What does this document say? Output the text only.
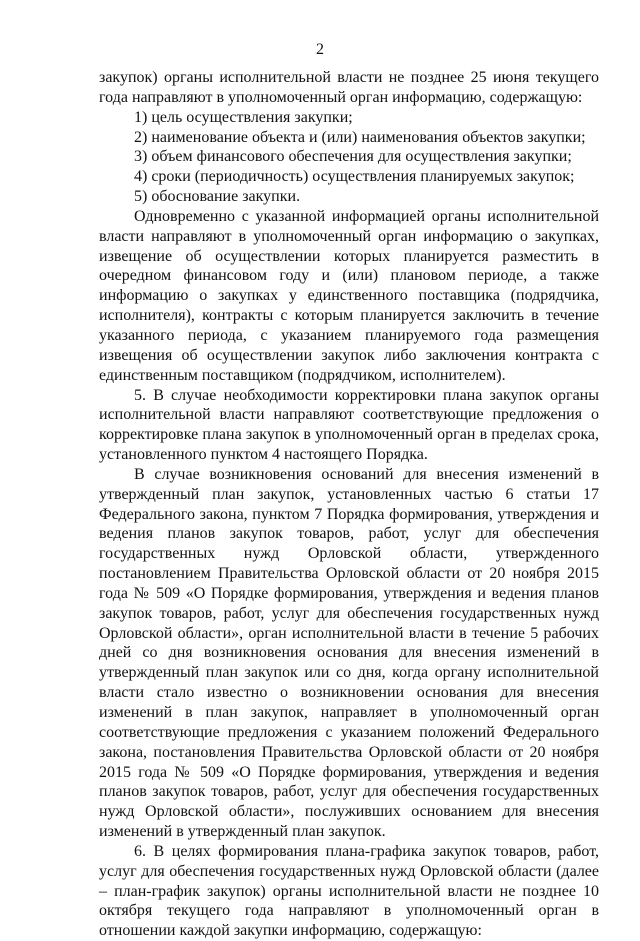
2

закупок) органы исполнительной власти не позднее 25 июня текущего года направляют в уполномоченный орган информацию, содержащую:

1) цель осуществления закупки;

2) наименование объекта и (или) наименования объектов закупки;

3) объем финансового обеспечения для осуществления закупки;

4) сроки (периодичность) осуществления планируемых закупок;

5) обоснование закупки.

Одновременно с указанной информацией органы исполнительной власти направляют в уполномоченный орган информацию о закупках, извещение об осуществлении которых планируется разместить в очередном финансовом году и (или) плановом периоде, а также информацию о закупках у единственного поставщика (подрядчика, исполнителя), контракты с которым планируется заключить в течение указанного периода, с указанием планируемого года размещения извещения об осуществлении закупок либо заключения контракта с единственным поставщиком (подрядчиком, исполнителем).

5. В случае необходимости корректировки плана закупок органы исполнительной власти направляют соответствующие предложения о корректировке плана закупок в уполномоченный орган в пределах срока, установленного пунктом 4 настоящего Порядка.

В случае возникновения оснований для внесения изменений в утвержденный план закупок, установленных частью 6 статьи 17 Федерального закона, пунктом 7 Порядка формирования, утверждения и ведения планов закупок товаров, работ, услуг для обеспечения государственных нужд Орловской области, утвержденного постановлением Правительства Орловской области от 20 ноября 2015 года № 509 «О Порядке формирования, утверждения и ведения планов закупок товаров, работ, услуг для обеспечения государственных нужд Орловской области», орган исполнительной власти в течение 5 рабочих дней со дня возникновения основания для внесения изменений в утвержденный план закупок или со дня, когда органу исполнительной власти стало известно о возникновении основания для внесения изменений в план закупок, направляет в уполномоченный орган соответствующие предложения с указанием положений Федерального закона, постановления Правительства Орловской области от 20 ноября 2015 года № 509 «О Порядке формирования, утверждения и ведения планов закупок товаров, работ, услуг для обеспечения государственных нужд Орловской области», послуживших основанием для внесения изменений в утвержденный план закупок.

6. В целях формирования плана-графика закупок товаров, работ, услуг для обеспечения государственных нужд Орловской области (далее – план-график закупок) органы исполнительной власти не позднее 10 октября текущего года направляют в уполномоченный орган в отношении каждой закупки информацию, содержащую:
